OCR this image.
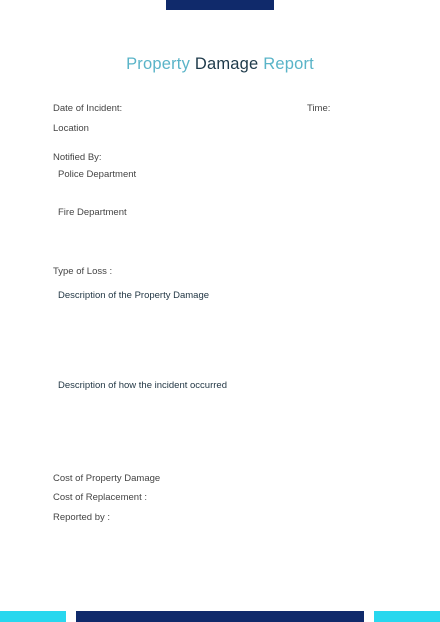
Property Damage Report
Date of Incident:	Time:
Location
Notified By:
Police Department
Fire Department
Type of Loss :
Description of the Property Damage
Description of how the incident occurred
Cost of Property Damage
Cost of Replacement :
Reported by :
